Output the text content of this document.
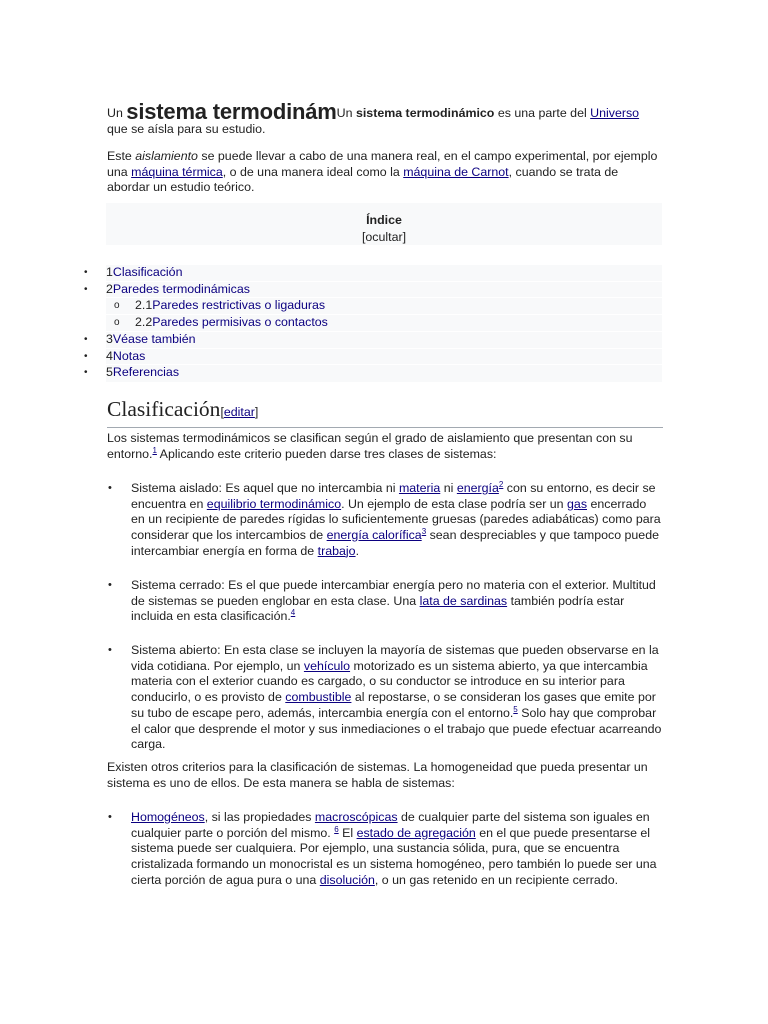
Un sistema termodinámUn sistema termodinámico es una parte del Universo que se aísla para su estudio.

Este aislamiento se puede llevar a cabo de una manera real, en el campo experimental, por ejemplo una máquina térmica, o de una manera ideal como la máquina de Carnot, cuando se trata de abordar un estudio teórico.

Índice
[ocultar]
• 1Clasificación
• 2Paredes termodinámicas
o 2.1Paredes restrictivas o ligaduras
o 2.2Paredes permisivas o contactos
• 3Véase también
• 4Notas
• 5Referencias
Clasificación[editar]

Los sistemas termodinámicos se clasifican según el grado de aislamiento que presentan con su entorno.$^1$ Aplicando este criterio pueden darse tres clases de sistemas:

• Sistema aislado: Es aquel que no intercambia ni materia ni energía$^2$ con su entorno, es decir se encuentra en equilibrio termodinámico. Un ejemplo de esta clase podría ser un gas encerrado en un recipiente de paredes rígidas lo suficientemente gruesas (paredes adiabáticas) como para considerar que los intercambios de energía calorífica$^3$ sean despreciables y que tampoco puede intercambiar energía en forma de trabajo.
• Sistema cerrado: Es el que puede intercambiar energía pero no materia con el exterior. Multitud de sistemas se pueden englobar en esta clase. Una lata de sardinas también podría estar incluida en esta clasificación.$^4$
• Sistema abierto: En esta clase se incluyen la mayoría de sistemas que pueden observarse en la vida cotidiana. Por ejemplo, un vehículo motorizado es un sistema abierto, ya que intercambia materia con el exterior cuando es cargado, o su conductor se introduce en su interior para conducirlo, o es provisto de combustible al repostarse, o se consideran los gases que emite por su tubo de escape pero, además, intercambia energía con el entorno.$^5$ Solo hay que comprobar el calor que desprende el motor y sus inmediaciones o el trabajo que puede efectuar acarreando carga.

Existen otros criterios para la clasificación de sistemas. La homogeneidad que pueda presentar un sistema es uno de ellos. De esta manera se habla de sistemas:

• Homogéneos, si las propiedades macroscópicas de cualquier parte del sistema son iguales en cualquier parte o porción del mismo. $^6$ El estado de agregación en el que puede presentarse el sistema puede ser cualquiera. Por ejemplo, una sustancia sólida, pura, que se encuentra cristalizada formando un monocristal es un sistema homogéneo, pero también lo puede ser una cierta porción de agua pura o una disolución, o un gas retenido en un recipiente cerrado.
